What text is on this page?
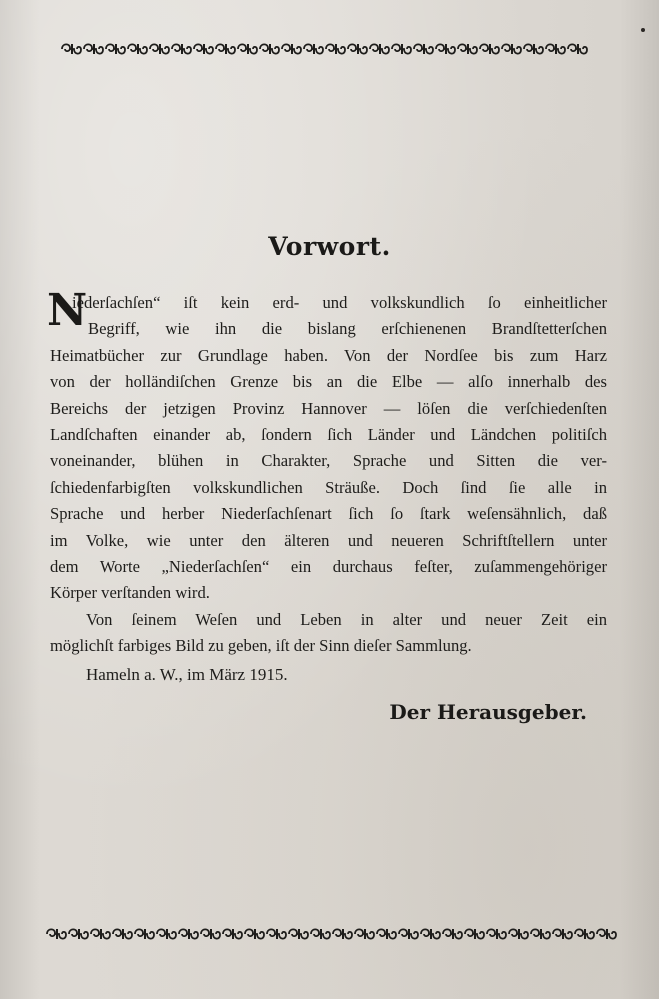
Vorwort.
N
iederſachſen“ iſt kein erd- und volkskundlich ſo einheitlicher
Begriff, wie ihn die bislang erſchienenen Brandſtetterſchen
Heimatbücher zur Grundlage haben. Von der Nordſee bis zum Harz
von der holländiſchen Grenze bis an die Elbe — alſo innerhalb des
Bereichs der jetzigen Provinz Hannover — löſen die verſchiedenſten
Landſchaften einander ab, ſondern ſich Länder und Ländchen politiſch
voneinander, blühen in Charakter, Sprache und Sitten die ver-
ſchiedenfarbigſten volkskundlichen Sträuße. Doch ſind ſie alle in
Sprache und herber Niederſachſenart ſich ſo ſtark weſensähnlich, daß
im Volke, wie unter den älteren und neueren Schriftſtellern unter
dem Worte „Niederſachſen“ ein durchaus feſter, zuſammengehöriger
Körper verſtanden wird.
Von ſeinem Weſen und Leben in alter und neuer Zeit ein
möglichſt farbiges Bild zu geben, iſt der Sinn dieſer Sammlung.
Hameln a. W., im März 1915.
Der Herausgeber.
